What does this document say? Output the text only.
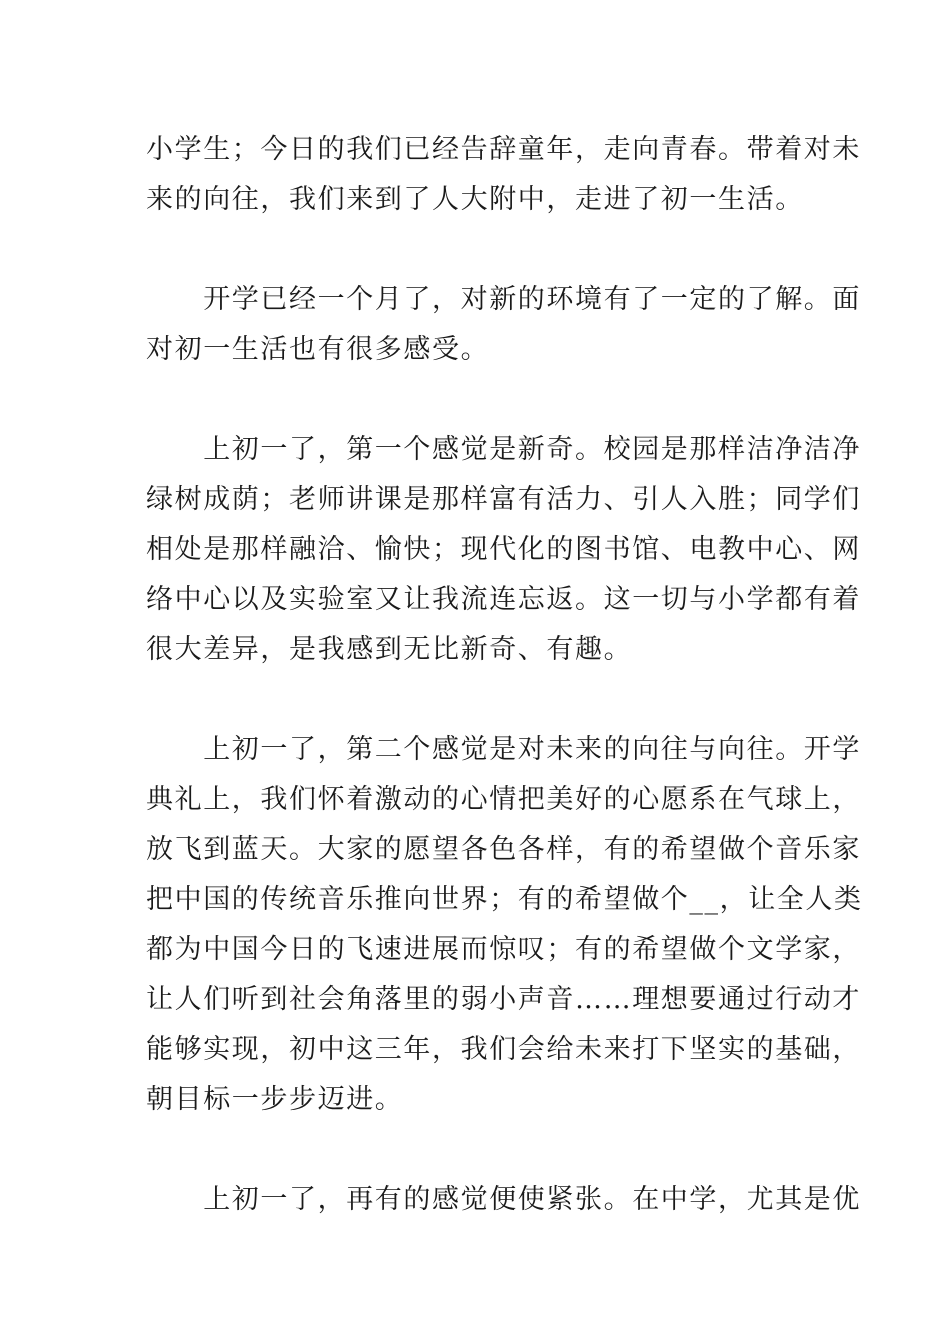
小学生；今日的我们已经告辞童年，走向青春。带着对未
来的向往，我们来到了人大附中，走进了初一生活。

　　开学已经一个月了，对新的环境有了一定的了解。面
对初一生活也有很多感受。

　　上初一了，第一个感觉是新奇。校园是那样洁净洁净
绿树成荫；老师讲课是那样富有活力、引人入胜；同学们
相处是那样融洽、愉快；现代化的图书馆、电教中心、网
络中心以及实验室又让我流连忘返。这一切与小学都有着
很大差异，是我感到无比新奇、有趣。

　　上初一了，第二个感觉是对未来的向往与向往。开学
典礼上，我们怀着激动的心情把美好的心愿系在气球上，
放飞到蓝天。大家的愿望各色各样，有的希望做个音乐家
把中国的传统音乐推向世界；有的希望做个__，让全人类
都为中国今日的飞速进展而惊叹；有的希望做个文学家，
让人们听到社会角落里的弱小声音……理想要通过行动才
能够实现，初中这三年，我们会给未来打下坚实的基础，
朝目标一步步迈进。

　　上初一了，再有的感觉便使紧张。在中学，尤其是优
